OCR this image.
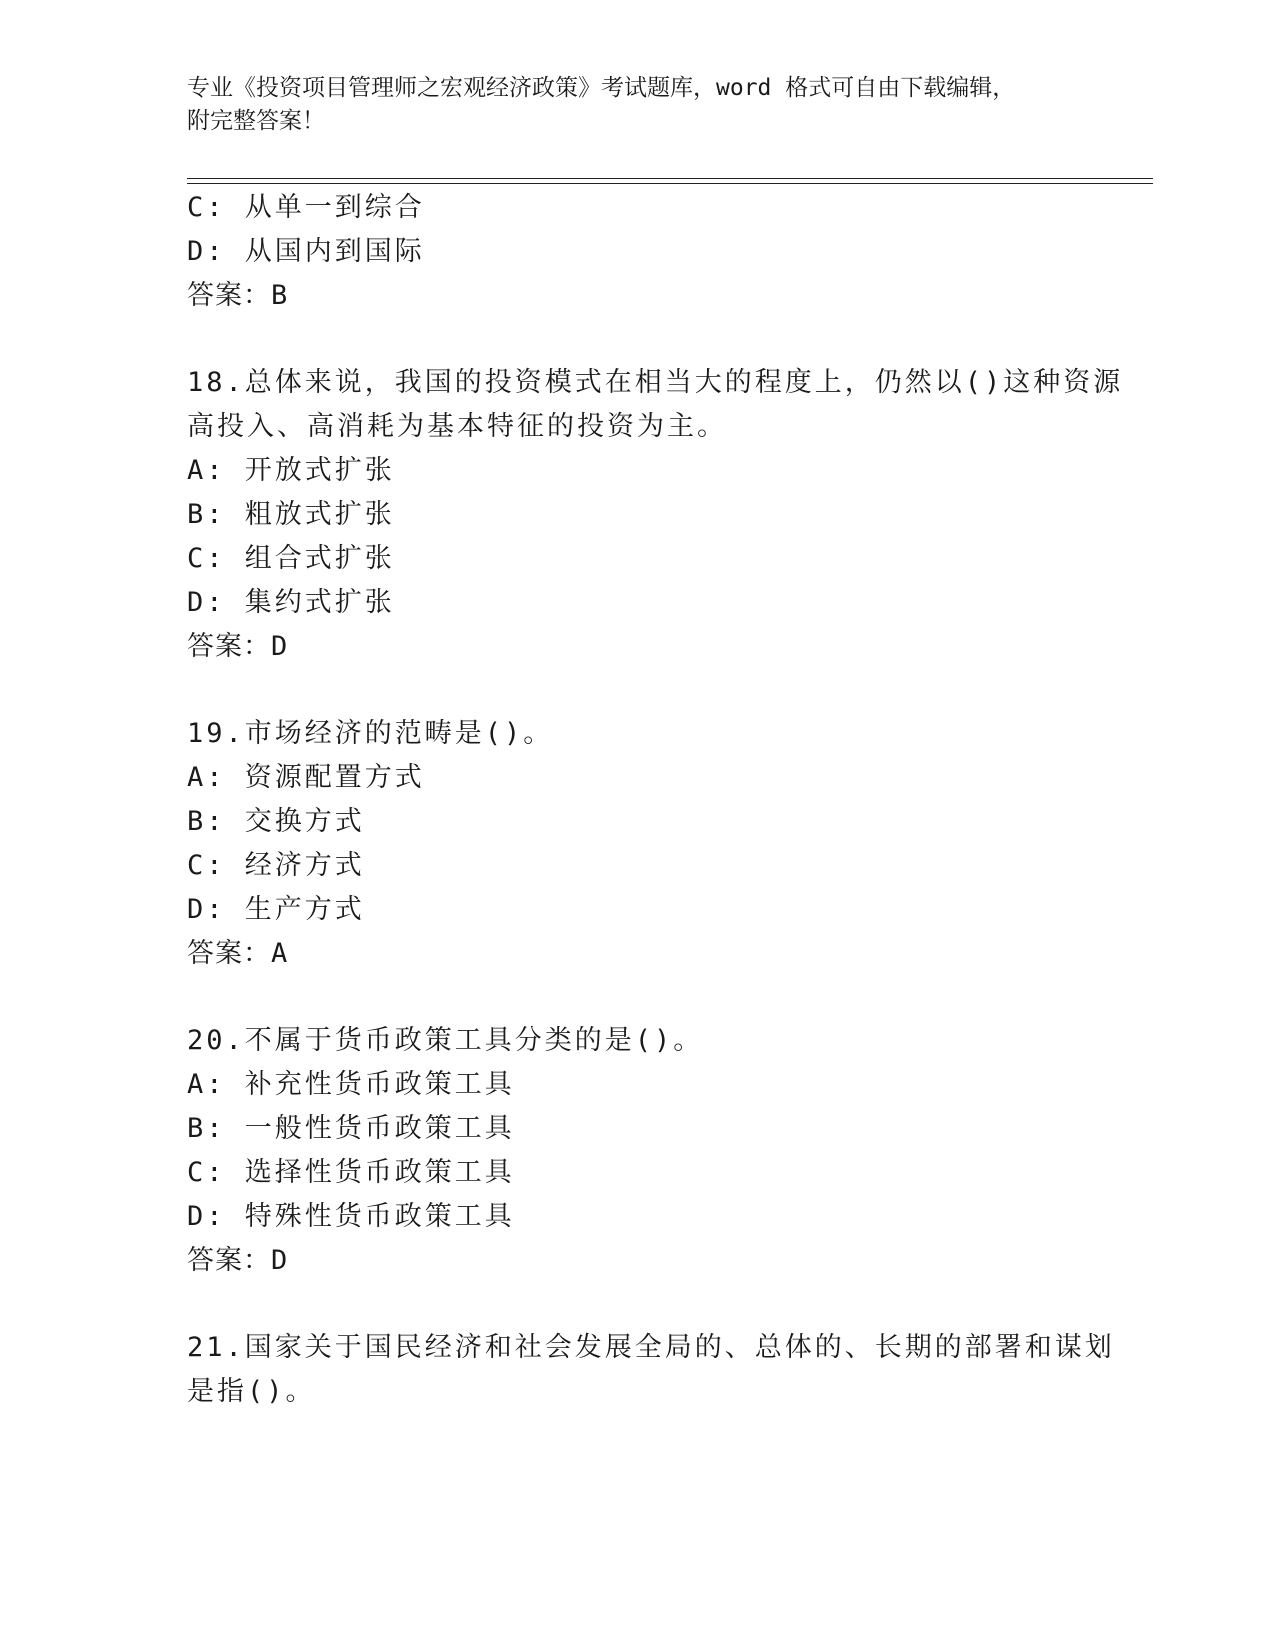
专业《投资项目管理师之宏观经济政策》考试题库，word 格式可自由下载编辑，
附完整答案！
C: 从单一到综合
D: 从国内到国际
答案：B
18.总体来说，我国的投资模式在相当大的程度上，仍然以()这种资源
高投入、高消耗为基本特征的投资为主。
A: 开放式扩张
B: 粗放式扩张
C: 组合式扩张
D: 集约式扩张
答案：D
19.市场经济的范畴是()。
A: 资源配置方式
B: 交换方式
C: 经济方式
D: 生产方式
答案：A
20.不属于货币政策工具分类的是()。
A: 补充性货币政策工具
B: 一般性货币政策工具
C: 选择性货币政策工具
D: 特殊性货币政策工具
答案：D
21.国家关于国民经济和社会发展全局的、总体的、长期的部署和谋划
是指()。
